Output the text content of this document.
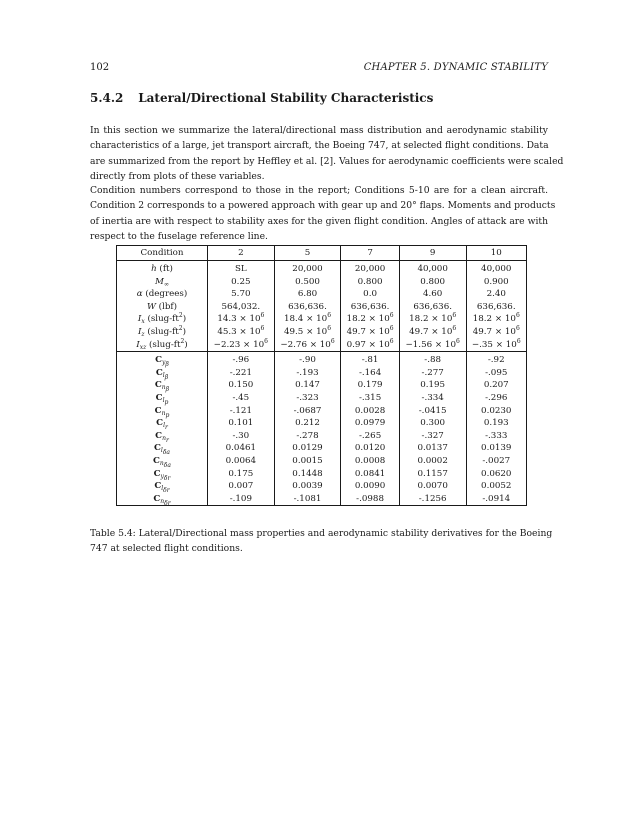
102	CHAPTER 5. DYNAMIC STABILITY
5.4.2 Lateral/Directional Stability Characteristics
In this section we summarize the lateral/directional mass distribution and aerodynamic stability
characteristics of a large, jet transport aircraft, the Boeing 747, at selected flight conditions. Data
are summarized from the report by Heffley et al. [2]. Values for aerodynamic coefficients were scaled
directly from plots of these variables.
Condition numbers correspond to those in the report; Conditions 5-10 are for a clean aircraft.
Condition 2 corresponds to a powered approach with gear up and 20° flaps. Moments and products
of inertia are with respect to stability axes for the given flight condition. Angles of attack are with
respect to the fuselage reference line.
Condition	2	5	7	9	10
h (ft)	SL	20,000	20,000	40,000	40,000
$M_\infty$	0.25	0.500	0.800	0.800	0.900
α (degrees)	5.70	6.80	0.0	4.60	2.40
W (lbf)	564,032.	636,636.	636,636.	636,636.	636,636.
$I_x$ $(slug-ft^2)$	$14.3 \times 10^6$	$18.4 \times 10^6$	$18.2 \times 10^6$	$18.2 \times 10^6$	$18.2 \times 10^6$
$I_z$ $(slug-ft^2)$	$45.3 \times 10^6$	$49.5 \times 10^6$	$49.7 \times 10^6$	$49.7 \times 10^6$	$49.7 \times 10^6$
$I_{xz}$ $(slug-ft^2)$	$-2.23 \times 10^6$	$-2.76 \times 10^6$	$0.97 \times 10^6$	$-1.56 \times 10^6$	$-.35 \times 10^6$
$C_{y_\beta}$	-.96	-.90	-.81	-.88	-.92
$C_{l_\beta}$	-.221	-.193	-.164	-.277	-.095
$C_{n_\beta}$	0.150	0.147	0.179	0.195	0.207
$C_{l_p}$	-.45	-.323	-.315	-.334	-.296
$C_{n_p}$	-.121	-.0687	0.0028	-.0415	0.0230
$C_{l_r}$	0.101	0.212	0.0979	0.300	0.193
$C_{n_r}$	-.30	-.278	-.265	-.327	-.333
$C_{l_{\delta a}}$	0.0461	0.0129	0.0120	0.0137	0.0139
$C_{n_{\delta a}}$	0.0064	0.0015	0.0008	0.0002	-.0027
$C_{y_{\delta r}}$	0.175	0.1448	0.0841	0.1157	0.0620
$C_{l_{\delta r}}$	0.007	0.0039	0.0090	0.0070	0.0052
$C_{n_{\delta r}}$	-.109	-.1081	-.0988	-.1256	-.0914
Table 5.4: Lateral/Directional mass properties and aerodynamic stability derivatives for the Boeing
747 at selected flight conditions.
